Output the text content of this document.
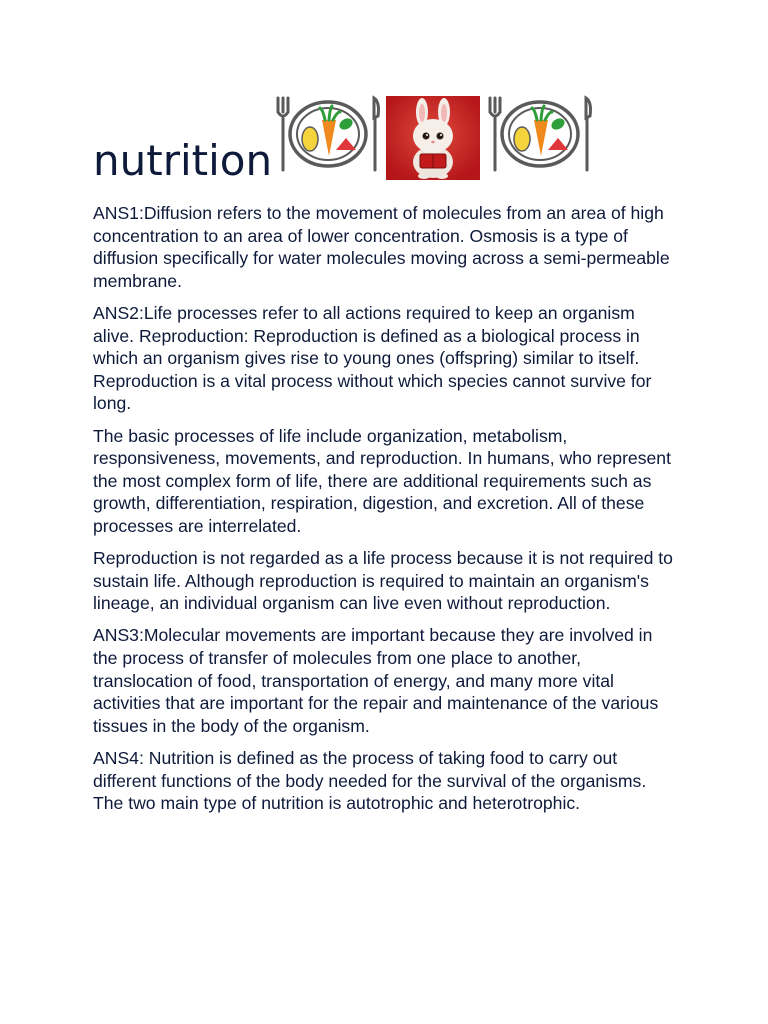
nutrition

ANS1:Diffusion refers to the movement of molecules from an area of high concentration to an area of lower concentration. Osmosis is a type of diffusion specifically for water molecules moving across a semi-permeable membrane.

ANS2:Life processes refer to all actions required to keep an organism alive. Reproduction: Reproduction is defined as a biological process in which an organism gives rise to young ones (offspring) similar to itself. Reproduction is a vital process without which species cannot survive for long.

The basic processes of life include organization, metabolism, responsiveness, movements, and reproduction. In humans, who represent the most complex form of life, there are additional requirements such as growth, differentiation, respiration, digestion, and excretion. All of these processes are interrelated.

Reproduction is not regarded as a life process because it is not required to sustain life. Although reproduction is required to maintain an organism's lineage, an individual organism can live even without reproduction.

ANS3:Molecular movements are important because they are involved in the process of transfer of molecules from one place to another, translocation of food, transportation of energy, and many more vital activities that are important for the repair and maintenance of the various tissues in the body of the organism.

ANS4: Nutrition is defined as the process of taking food to carry out different functions of the body needed for the survival of the organisms. The two main type of nutrition is autotrophic and heterotrophic.
